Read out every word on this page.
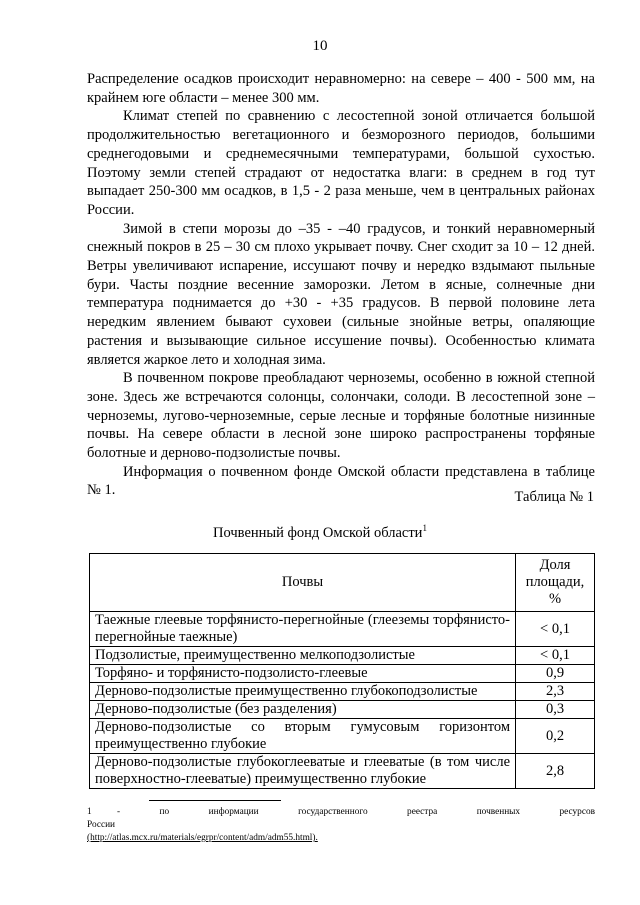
10

Распределение осадков происходит неравномерно: на севере – 400 - 500 мм, на крайнем юге области – менее 300 мм.

Климат степей по сравнению с лесостепной зоной отличается большой продолжительностью вегетационного и безморозного периодов, большими среднегодовыми и среднемесячными температурами, большой сухостью. Поэтому земли степей страдают от недостатка влаги: в среднем в год тут выпадает 250-300 мм осадков, в 1,5 - 2 раза меньше, чем в центральных районах России.

Зимой в степи морозы до –35 - –40 градусов, и тонкий неравномерный снежный покров в 25 – 30 см плохо укрывает почву. Снег сходит за 10 – 12 дней. Ветры увеличивают испарение, иссушают почву и нередко вздымают пыльные бури. Часты поздние весенние заморозки. Летом в ясные, солнечные дни температура поднимается до +30 - +35 градусов. В первой половине лета нередким явлением бывают суховеи (сильные знойные ветры, опаляющие растения и вызывающие сильное иссушение почвы). Особенностью климата является жаркое лето и холодная зима.

В почвенном покрове преобладают черноземы, особенно в южной степной зоне. Здесь же встречаются солонцы, солончаки, солоди. В лесостепной зоне – черноземы, лугово-черноземные, серые лесные и торфяные болотные низинные почвы. На севере области в лесной зоне широко распространены торфяные болотные и дерново-подзолистые почвы.

Информация о почвенном фонде Омской области представлена в таблице № 1.	Таблица № 1
Почвенный фонд Омской области$^1$
Почвы	Доля
площади,
%
Таежные глеевые торфянисто-перегнойные (глееземы торфянисто-перегнойные таежные)	< 0,1
Подзолистые, преимущественно мелкоподзолистые	< 0,1
Торфяно- и торфянисто-подзолисто-глеевые	0,9
Дерново-подзолистые преимущественно глубокоподзолистые	2,3
Дерново-подзолистые (без разделения)	0,3
Дерново-подзолистые со вторым гумусовым горизонтом преимущественно глубокие	0,2
Дерново-подзолистые глубокоглееватые и глееватые (в том числе поверхностно-глееватые) преимущественно глубокие	2,8
1	- по информации государственного реестра почвенных ресурсов России
(http://atlas.mcx.ru/materials/egrpr/content/adm/adm55.html).
